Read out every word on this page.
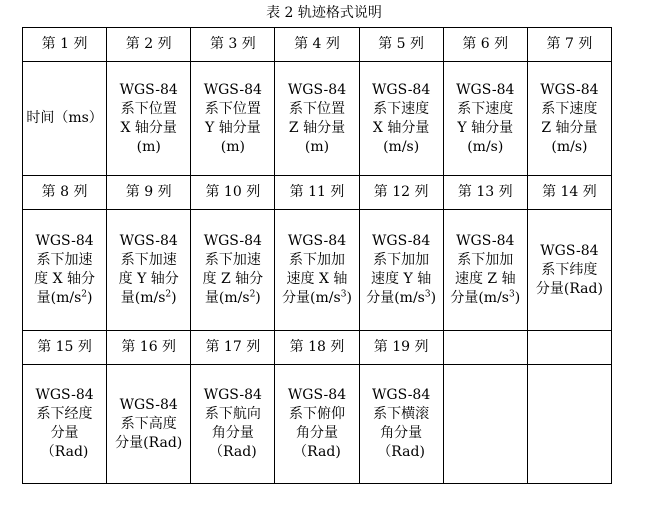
表 2 轨迹格式说明
第 1 列	第 2 列	第 3 列	第 4 列	第 5 列	第 6 列	第 7 列

时间（ms）	WGS-84
系下位置
X 轴分量
(m)	WGS-84
系下位置
Y 轴分量
(m)	WGS-84
系下位置
Z 轴分量
(m)	WGS-84
系下速度
X 轴分量
(m/s)	WGS-84
系下速度
Y 轴分量
(m/s)	WGS-84
系下速度
Z 轴分量
(m/s)

第 8 列	第 9 列	第 10 列	第 11 列	第 12 列	第 13 列	第 14 列

WGS-84
系下加速
度 X 轴分
量$(m/s^2)$	WGS-84
系下加速
度 Y 轴分
量$(m/s^2)$	WGS-84
系下加速
度 Z 轴分
量$(m/s^2)$	WGS-84
系下加加
速度 X 轴
分量$(m/s^3)$	WGS-84
系下加加
速度 Y 轴
分量$(m/s^3)$	WGS-84
系下加加
速度 Z 轴
分量$(m/s^3)$	WGS-84
系下纬度
分量(Rad)

第 15 列	第 16 列	第 17 列	第 18 列	第 19 列		

WGS-84
系下经度
分量
（Rad)	WGS-84
系下高度
分量(Rad)	WGS-84
系下航向
角分量
（Rad)	WGS-84
系下俯仰
角分量
（Rad)	WGS-84
系下横滚
角分量
（Rad)		
